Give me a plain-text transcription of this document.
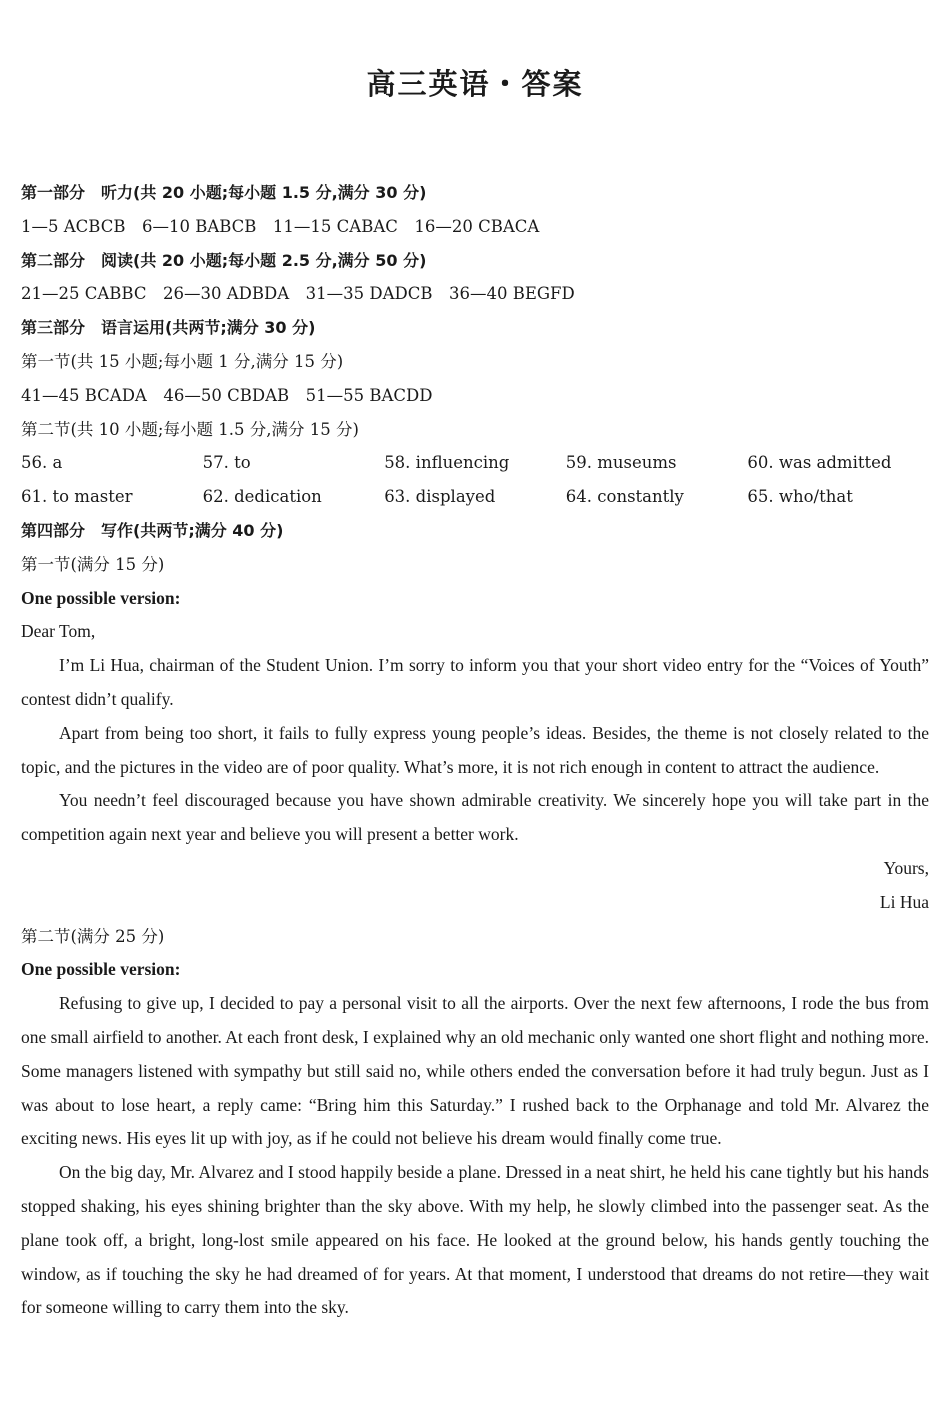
高三英语・答案
第一部分　听力(共 20 小题;每小题 1.5 分,满分 30 分)
1—5 ACBCB　6—10 BABCB　11—15 CABAC　16—20 CBACA
第二部分　阅读(共 20 小题;每小题 2.5 分,满分 50 分)
21—25 CABBC　26—30 ADBDA　31—35 DADCB　36—40 BEGFD
第三部分　语言运用(共两节;满分 30 分)
第一节(共 15 小题;每小题 1 分,满分 15 分)
41—45 BCADA　46—50 CBDAB　51—55 BACDD
第二节(共 10 小题;每小题 1.5 分,满分 15 分)
56. a	57. to	58. influencing	59. museums	60. was admitted
61. to master	62. dedication	63. displayed	64. constantly	65. who/that
第四部分　写作(共两节;满分 40 分)
第一节(满分 15 分)
One possible version:

Dear Tom,

I’m Li Hua, chairman of the Student Union. I’m sorry to inform you that your short video entry for the “Voices of Youth” contest didn’t qualify.

Apart from being too short, it fails to fully express young people’s ideas. Besides, the theme is not closely related to the topic, and the pictures in the video are of poor quality. What’s more, it is not rich enough in content to attract the audience.

You needn’t feel discouraged because you have shown admirable creativity. We sincerely hope you will take part in the competition again next year and believe you will present a better work.

Yours,

Li Hua

第二节(满分 25 分)
One possible version:

Refusing to give up, I decided to pay a personal visit to all the airports. Over the next few afternoons, I rode the bus from one small airfield to another. At each front desk, I explained why an old mechanic only wanted one short flight and nothing more. Some managers listened with sympathy but still said no, while others ended the conversation before it had truly begun. Just as I was about to lose heart, a reply came: “Bring him this Saturday.” I rushed back to the Orphanage and told Mr. Alvarez the exciting news. His eyes lit up with joy, as if he could not believe his dream would finally come true.

On the big day, Mr. Alvarez and I stood happily beside a plane. Dressed in a neat shirt, he held his cane tightly but his hands stopped shaking, his eyes shining brighter than the sky above. With my help, he slowly climbed into the passenger seat. As the plane took off, a bright, long-lost smile appeared on his face. He looked at the ground below, his hands gently touching the window, as if touching the sky he had dreamed of for years. At that moment, I understood that dreams do not retire—they wait for someone willing to carry them into the sky.
